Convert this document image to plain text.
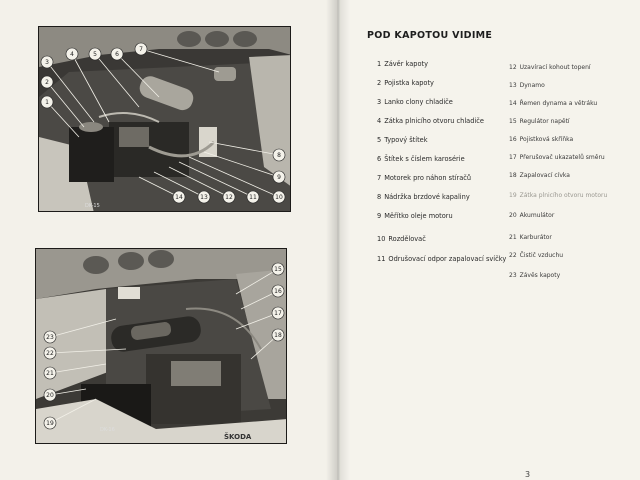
1
2
3
4	5	6
7
8
9
10
11
12
13
14
DK-15
15
16
17
18
19
20
21
22
23
DK-16
ŠKODA
POD KAPOTOU VIDIME
1 Závěr kapoty
2 Pojistka kapoty
3 Lanko clony chladiče
4 Zátka plnicího otvoru chladiče
5 Typový štítek
6 Štítek s číslem karosérie
7 Motorek pro náhon stíračů
8 Nádržka brzdové kapaliny
9 Měřítko oleje motoru
10 Rozdělovač
11 Odrušovací odpor zapalovací svíčky
12 Uzavírací kohout topení
13 Dynamo
14 Řemen dynama a větráku
15 Regulátor napětí
16 Pojistková skříňka
17 Přerušovač ukazatelů směru
18 Zapalovací cívka
19 Zátka plnicího otvoru motoru
20 Akumulátor
21 Karburátor
22 Čistič vzduchu
23 Závěs kapoty
3
